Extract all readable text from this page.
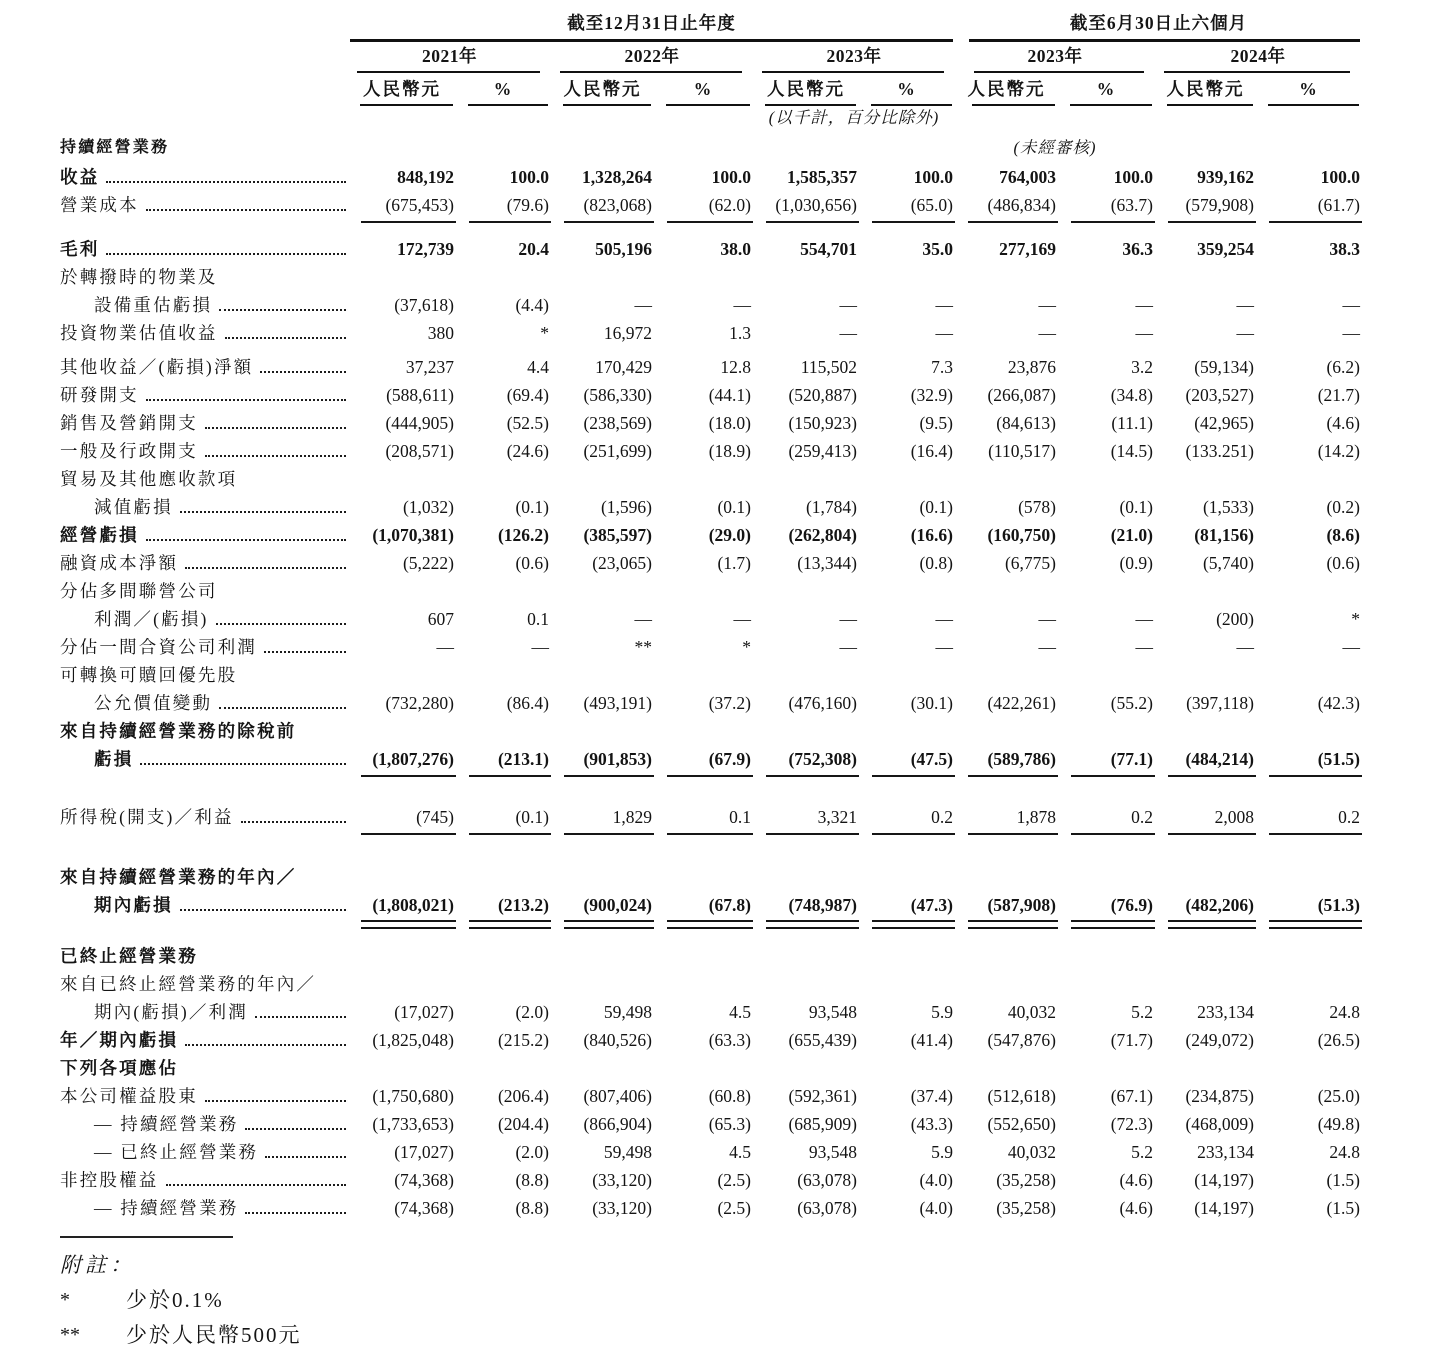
截至12月31日止年度	截至6月30日止六個月
2021年	2022年	2023年	2023年	2024年
人民幣元	%	人民幣元	%	人民幣元	%	人民幣元	%	人民幣元	%
(以千計，百分比除外)
持續經營業務	(未經審核)
收益	848,192	100.0	1,328,264	100.0	1,585,357	100.0	764,003	100.0	939,162	100.0
營業成本	(675,453)	(79.6)	(823,068)	(62.0)	(1,030,656)	(65.0)	(486,834)	(63.7)	(579,908)	(61.7)
毛利	172,739	20.4	505,196	38.0	554,701	35.0	277,169	36.3	359,254	38.3
於轉撥時的物業及
設備重估虧損	(37,618)	(4.4)	—	—	—	—	—	—	—	—
投資物業估值收益	380	*	16,972	1.3	—	—	—	—	—	—
其他收益／(虧損)淨額	37,237	4.4	170,429	12.8	115,502	7.3	23,876	3.2	(59,134)	(6.2)
研發開支	(588,611)	(69.4)	(586,330)	(44.1)	(520,887)	(32.9)	(266,087)	(34.8)	(203,527)	(21.7)
銷售及營銷開支	(444,905)	(52.5)	(238,569)	(18.0)	(150,923)	(9.5)	(84,613)	(11.1)	(42,965)	(4.6)
一般及行政開支	(208,571)	(24.6)	(251,699)	(18.9)	(259,413)	(16.4)	(110,517)	(14.5)	(133.251)	(14.2)
貿易及其他應收款項
減值虧損	(1,032)	(0.1)	(1,596)	(0.1)	(1,784)	(0.1)	(578)	(0.1)	(1,533)	(0.2)
經營虧損	(1,070,381)	(126.2)	(385,597)	(29.0)	(262,804)	(16.6)	(160,750)	(21.0)	(81,156)	(8.6)
融資成本淨額	(5,222)	(0.6)	(23,065)	(1.7)	(13,344)	(0.8)	(6,775)	(0.9)	(5,740)	(0.6)
分佔多間聯營公司
利潤／(虧損)	607	0.1	—	—	—	—	—	—	(200)	*
分佔一間合資公司利潤	—	—	**	*	—	—	—	—	—	—
可轉換可贖回優先股
公允價值變動	(732,280)	(86.4)	(493,191)	(37.2)	(476,160)	(30.1)	(422,261)	(55.2)	(397,118)	(42.3)
來自持續經營業務的除稅前
虧損	(1,807,276)	(213.1)	(901,853)	(67.9)	(752,308)	(47.5)	(589,786)	(77.1)	(484,214)	(51.5)
所得稅(開支)／利益	(745)	(0.1)	1,829	0.1	3,321	0.2	1,878	0.2	2,008	0.2
來自持續經營業務的年內／
期內虧損	(1,808,021)	(213.2)	(900,024)	(67.8)	(748,987)	(47.3)	(587,908)	(76.9)	(482,206)	(51.3)
已終止經營業務
來自已終止經營業務的年內／
期內(虧損)／利潤	(17,027)	(2.0)	59,498	4.5	93,548	5.9	40,032	5.2	233,134	24.8
年／期內虧損	(1,825,048)	(215.2)	(840,526)	(63.3)	(655,439)	(41.4)	(547,876)	(71.7)	(249,072)	(26.5)
下列各項應佔
本公司權益股東	(1,750,680)	(206.4)	(807,406)	(60.8)	(592,361)	(37.4)	(512,618)	(67.1)	(234,875)	(25.0)
— 持續經營業務	(1,733,653)	(204.4)	(866,904)	(65.3)	(685,909)	(43.3)	(552,650)	(72.3)	(468,009)	(49.8)
— 已終止經營業務	(17,027)	(2.0)	59,498	4.5	93,548	5.9	40,032	5.2	233,134	24.8
非控股權益	(74,368)	(8.8)	(33,120)	(2.5)	(63,078)	(4.0)	(35,258)	(4.6)	(14,197)	(1.5)
— 持續經營業務	(74,368)	(8.8)	(33,120)	(2.5)	(63,078)	(4.0)	(35,258)	(4.6)	(14,197)	(1.5)
附註：
*	少於0.1%
**	少於人民幣500元
